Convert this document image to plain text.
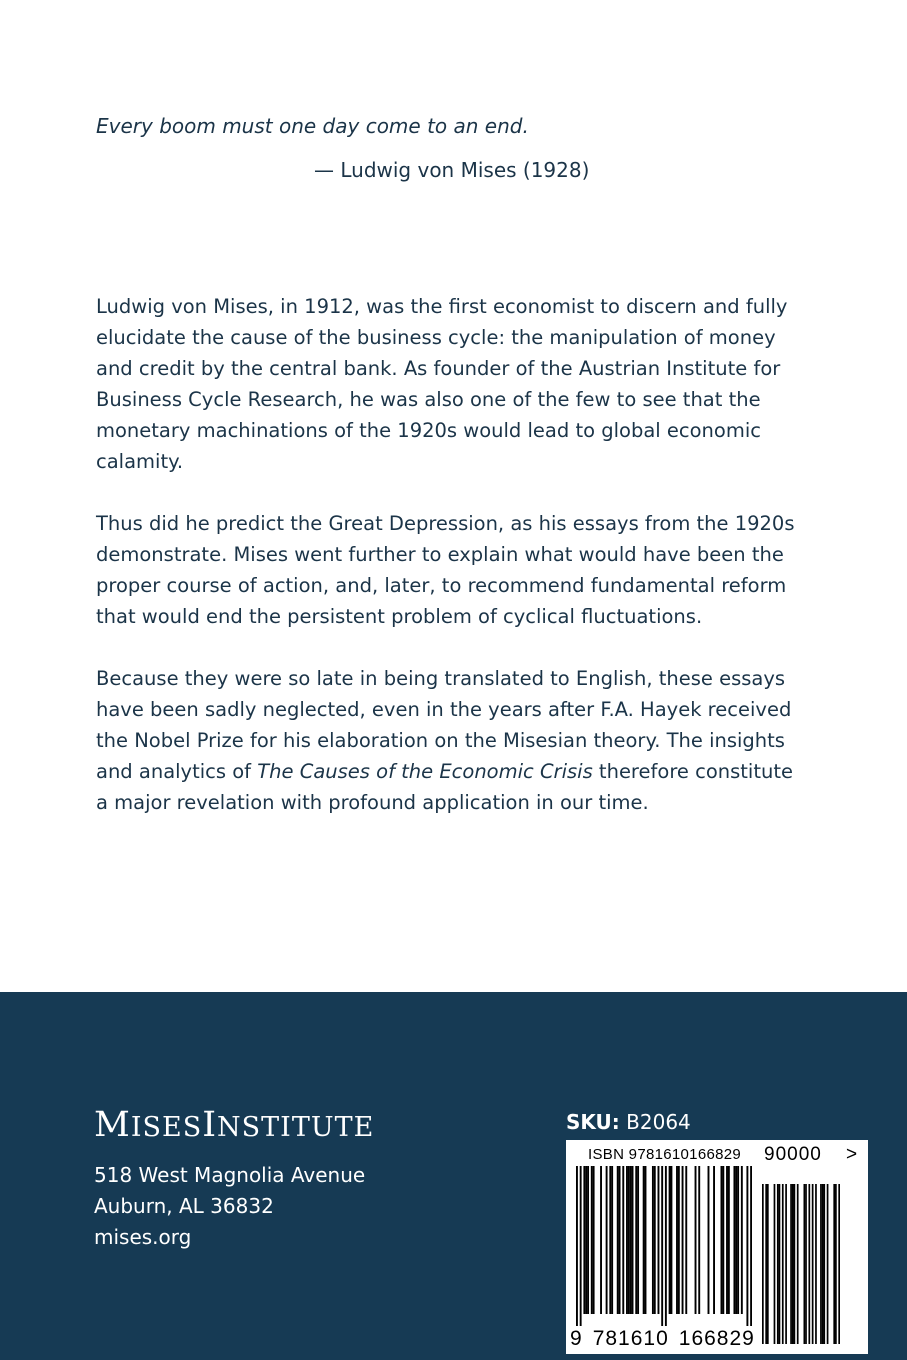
Every boom must one day come to an end.

— Ludwig von Mises (1928)

Ludwig von Mises, in 1912, was the first economist to discern and fully elucidate the cause of the business cycle: the manipulation of money and credit by the central bank. As founder of the Austrian Institute for Business Cycle Research, he was also one of the few to see that the monetary machinations of the 1920s would lead to global economic calamity.

Thus did he predict the Great Depression, as his essays from the 1920s demonstrate. Mises went further to explain what would have been the proper course of action, and, later, to recommend fundamental reform that would end the persistent problem of cyclical fluctuations.

Because they were so late in being translated to English, these essays have been sadly neglected, even in the years after F.A. Hayek received the Nobel Prize for his elaboration on the Misesian theory. The insights and analytics of The Causes of the Economic Crisis therefore constitute a major revelation with profound application in our time.

MISESINSTITUTE
518 West Magnolia Avenue
Auburn, AL 36832
mises.org
SKU: B2064
ISBN 9781610166829 90000 >
9 781610 166829
